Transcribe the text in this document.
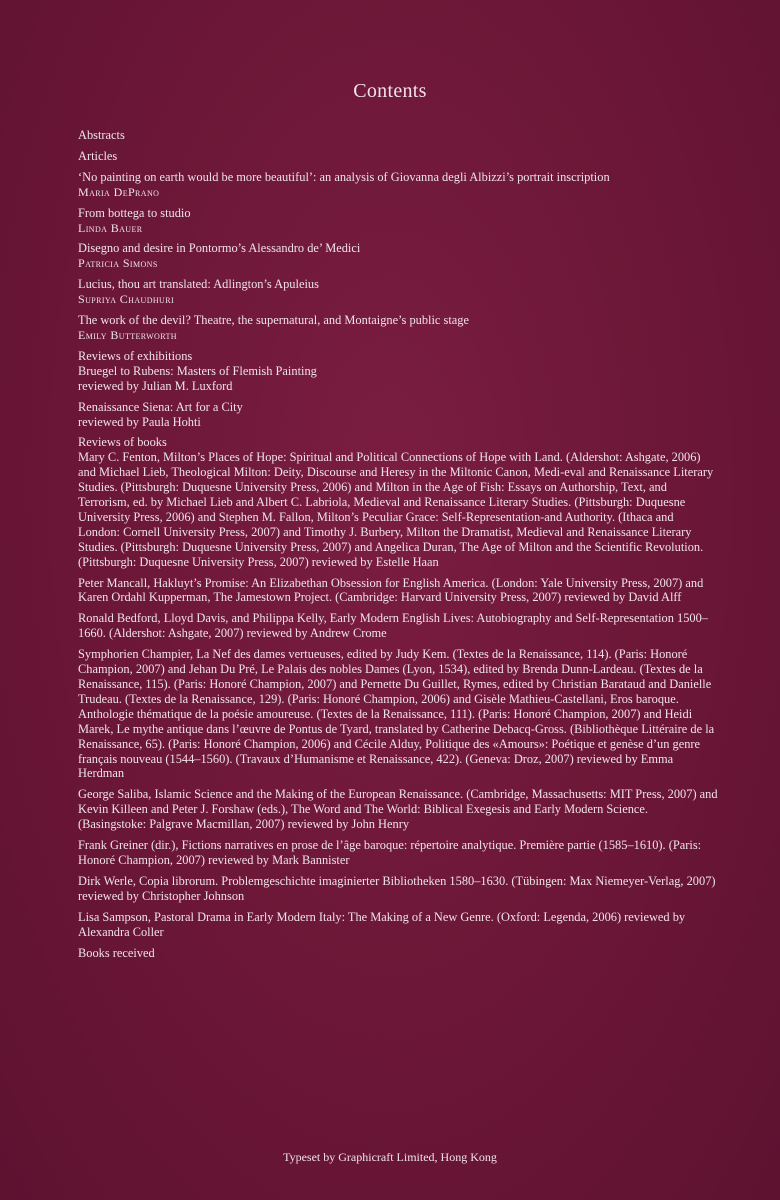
Contents

Abstracts

Articles

‘No painting on earth would be more beautiful’: an analysis of Giovanna degli Albizzi’s portrait inscription
Maria DePrano
From bottega to studio
Linda Bauer
Disegno and desire in Pontormo’s Alessandro de’ Medici
Patricia Simons
Lucius, thou art translated: Adlington’s Apuleius
Supriya Chaudhuri
The work of the devil? Theatre, the supernatural, and Montaigne’s public stage
Emily Butterworth
Reviews of exhibitions
Bruegel to Rubens: Masters of Flemish Painting
reviewed by Julian M. Luxford
Renaissance Siena: Art for a City
reviewed by Paula Hohti
Reviews of books
Mary C. Fenton, Milton’s Places of Hope: Spiritual and Political Connections of Hope with Land. (Aldershot: Ashgate, 2006) and Michael Lieb, Theological Milton: Deity, Discourse and Heresy in the Miltonic Canon, Medi-eval and Renaissance Literary Studies. (Pittsburgh: Duquesne University Press, 2006) and Milton in the Age of Fish: Essays on Authorship, Text, and Terrorism, ed. by Michael Lieb and Albert C. Labriola, Medieval and Renaissance Literary Studies. (Pittsburgh: Duquesne University Press, 2006) and Stephen M. Fallon, Milton’s Peculiar Grace: Self-Representation-and Authority. (Ithaca and London: Cornell University Press, 2007) and Timothy J. Burbery, Milton the Dramatist, Medieval and Renaissance Literary Studies. (Pittsburgh: Duquesne University Press, 2007) and Angelica Duran, The Age of Milton and the Scientific Revolution. (Pittsburgh: Duquesne University Press, 2007) reviewed by Estelle Haan

Peter Mancall, Hakluyt’s Promise: An Elizabethan Obsession for English America. (London: Yale University Press, 2007) and Karen Ordahl Kupperman, The Jamestown Project. (Cambridge: Harvard University Press, 2007) reviewed by David Alff

Ronald Bedford, Lloyd Davis, and Philippa Kelly, Early Modern English Lives: Autobiography and Self-Representation 1500–1660. (Aldershot: Ashgate, 2007) reviewed by Andrew Crome

Symphorien Champier, La Nef des dames vertueuses, edited by Judy Kem. (Textes de la Renaissance, 114). (Paris: Honoré Champion, 2007) and Jehan Du Pré, Le Palais des nobles Dames (Lyon, 1534), edited by Brenda Dunn-Lardeau. (Textes de la Renaissance, 115). (Paris: Honoré Champion, 2007) and Pernette Du Guillet, Rymes, edited by Christian Barataud and Danielle Trudeau. (Textes de la Renaissance, 129). (Paris: Honoré Champion, 2006) and Gisèle Mathieu-Castellani, Eros baroque. Anthologie thématique de la poésie amoureuse. (Textes de la Renaissance, 111). (Paris: Honoré Champion, 2007) and Heidi Marek, Le mythe antique dans l’œuvre de Pontus de Tyard, translated by Catherine Debacq-Gross. (Bibliothèque Littéraire de la Renaissance, 65). (Paris: Honoré Champion, 2006) and Cécile Alduy, Politique des «Amours»: Poétique et genèse d’un genre français nouveau (1544–1560). (Travaux d’Humanisme et Renaissance, 422). (Geneva: Droz, 2007) reviewed by Emma Herdman

George Saliba, Islamic Science and the Making of the European Renaissance. (Cambridge, Massachusetts: MIT Press, 2007) and Kevin Killeen and Peter J. Forshaw (eds.), The Word and The World: Biblical Exegesis and Early Modern Science. (Basingstoke: Palgrave Macmillan, 2007) reviewed by John Henry

Frank Greiner (dir.), Fictions narratives en prose de l’âge baroque: répertoire analytique. Première partie (1585–1610). (Paris: Honoré Champion, 2007) reviewed by Mark Bannister

Dirk Werle, Copia librorum. Problemgeschichte imaginierter Bibliotheken 1580–1630. (Tübingen: Max Niemeyer-Verlag, 2007) reviewed by Christopher Johnson

Lisa Sampson, Pastoral Drama in Early Modern Italy: The Making of a New Genre. (Oxford: Legenda, 2006) reviewed by Alexandra Coller

Books received

Typeset by Graphicraft Limited, Hong Kong
